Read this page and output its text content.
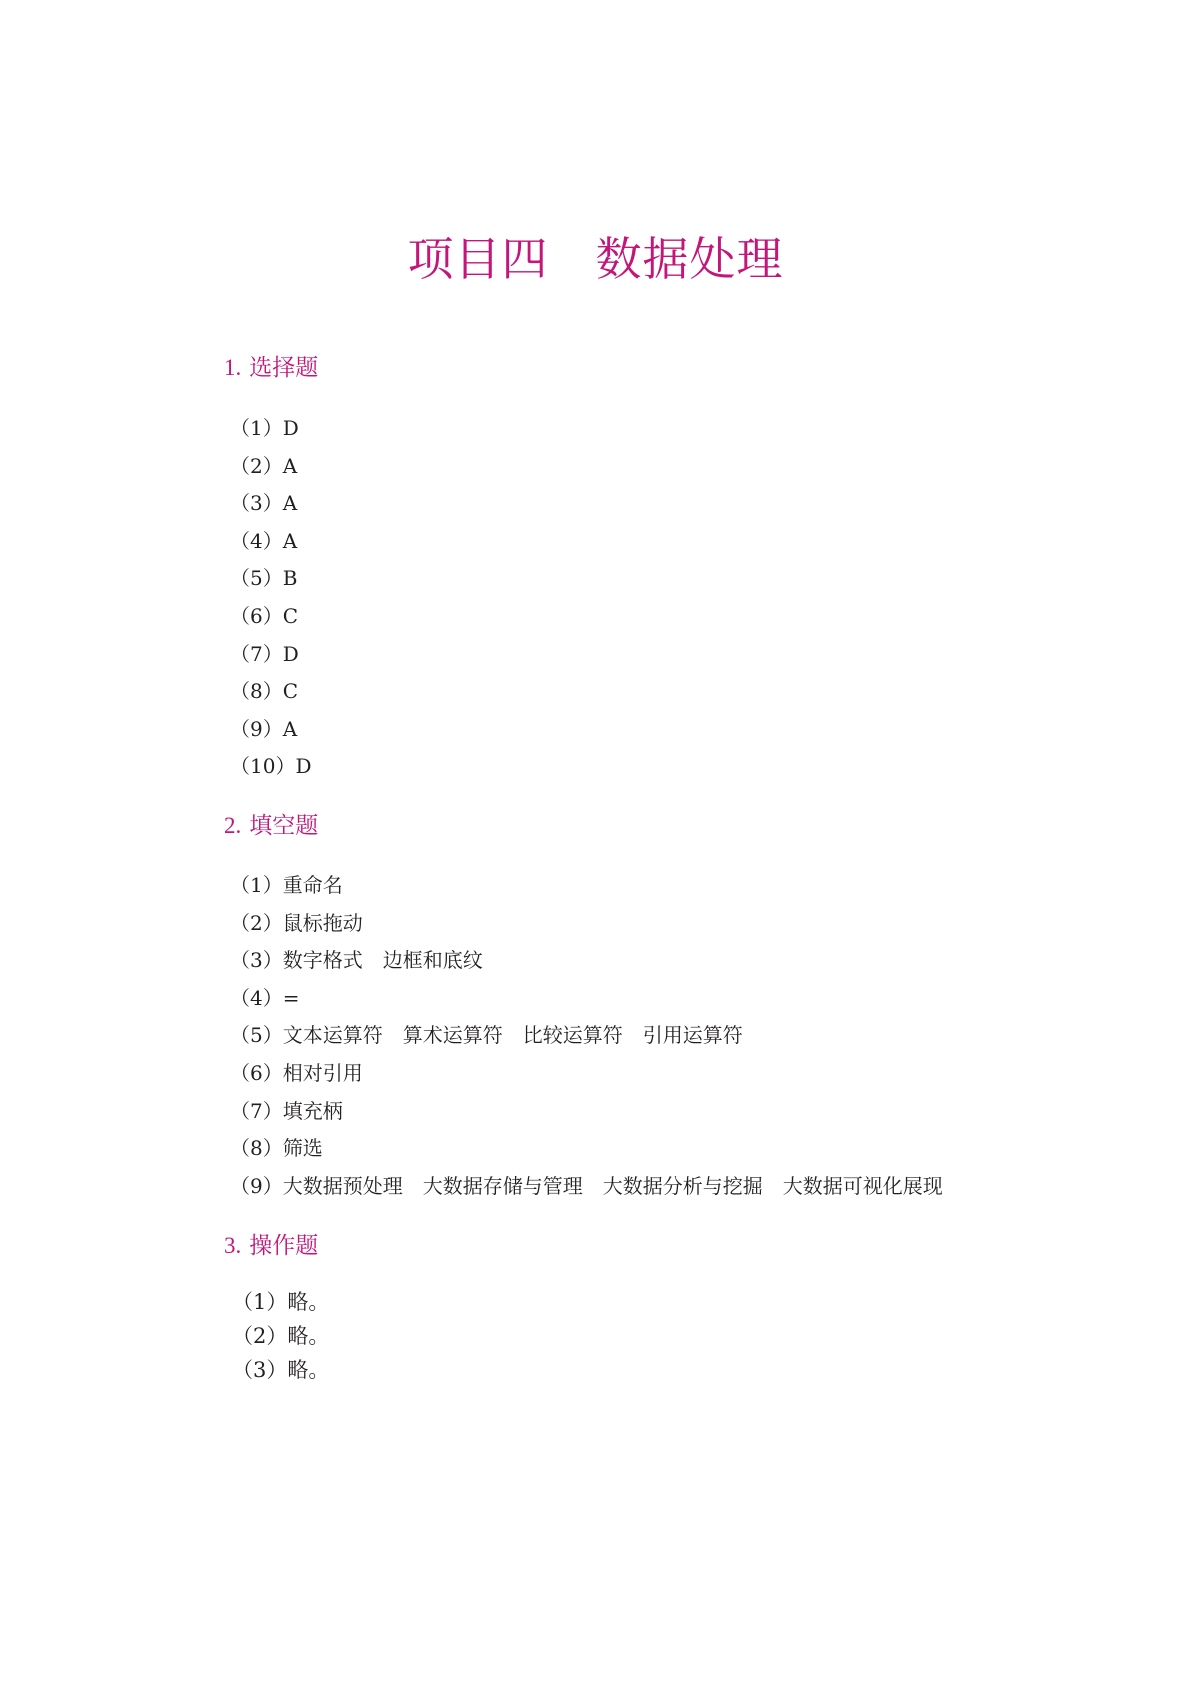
项目四　数据处理
1. 选择题
（1）D
（2）A
（3）A
（4）A
（5）B
（6）C
（7）D
（8）C
（9）A
（10）D
2. 填空题
（1）重命名
（2）鼠标拖动
（3）数字格式　边框和底纹
（4）=
（5）文本运算符　算术运算符　比较运算符　引用运算符
（6）相对引用
（7）填充柄
（8）筛选
（9）大数据预处理　大数据存储与管理　大数据分析与挖掘　大数据可视化展现
3. 操作题
（1）略。
（2）略。
（3）略。
